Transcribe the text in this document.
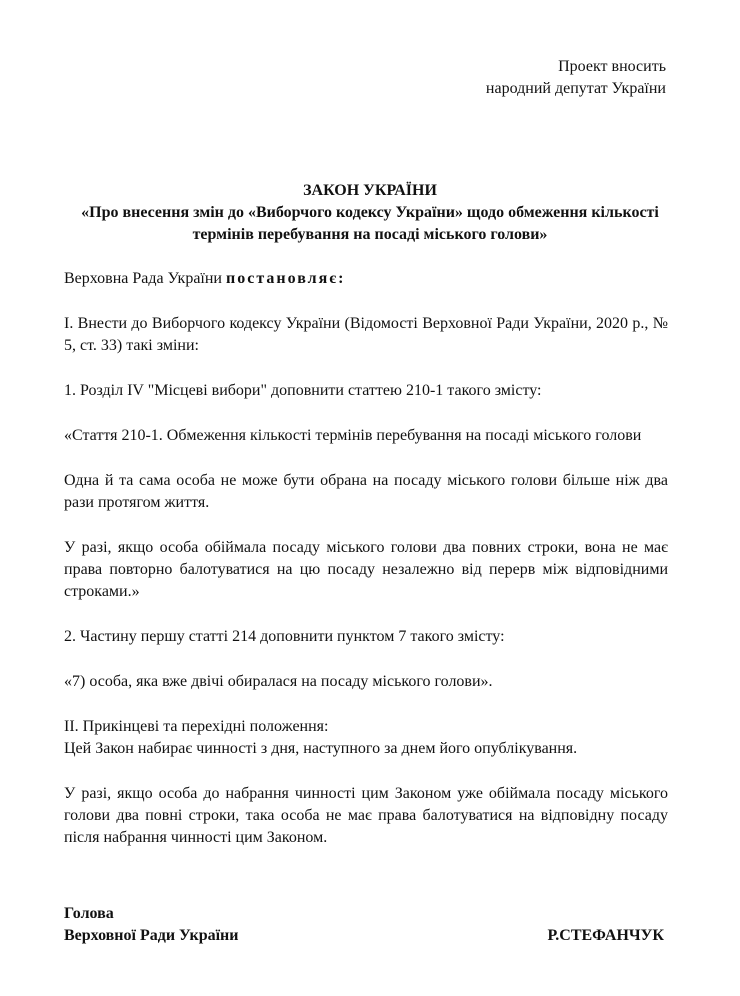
Проект вносить
народний депутат України
ЗАКОН УКРАЇНИ
«Про внесення змін до «Виборчого кодексу України» щодо обмеження кількості
термінів перебування на посаді міського голови»

Верховна Рада України постановляє:

I. Внести до Виборчого кодексу України (Відомості Верховної Ради України, 2020 р., № 5, ст. 33) такі зміни:

1. Розділ IV "Місцеві вибори" доповнити статтею 210-1 такого змісту:

«Стаття 210-1. Обмеження кількості термінів перебування на посаді міського голови

Одна й та сама особа не може бути обрана на посаду міського голови більше ніж два рази протягом життя.

У разі, якщо особа обіймала посаду міського голови два повних строки, вона не має права повторно балотуватися на цю посаду незалежно від перерв між відповідними строками.»

2. Частину першу статті 214 доповнити пунктом 7 такого змісту:

«7) особа, яка вже двічі обиралася на посаду міського голови».

II. Прикінцеві та перехідні положення:

Цей Закон набирає чинності з дня, наступного за днем його опублікування.

У разі, якщо особа до набрання чинності цим Законом уже обіймала посаду міського голови два повні строки, така особа не має права балотуватися на відповідну посаду після набрання чинності цим Законом.

Голова
Верховної Ради України	Р.СТЕФАНЧУК
